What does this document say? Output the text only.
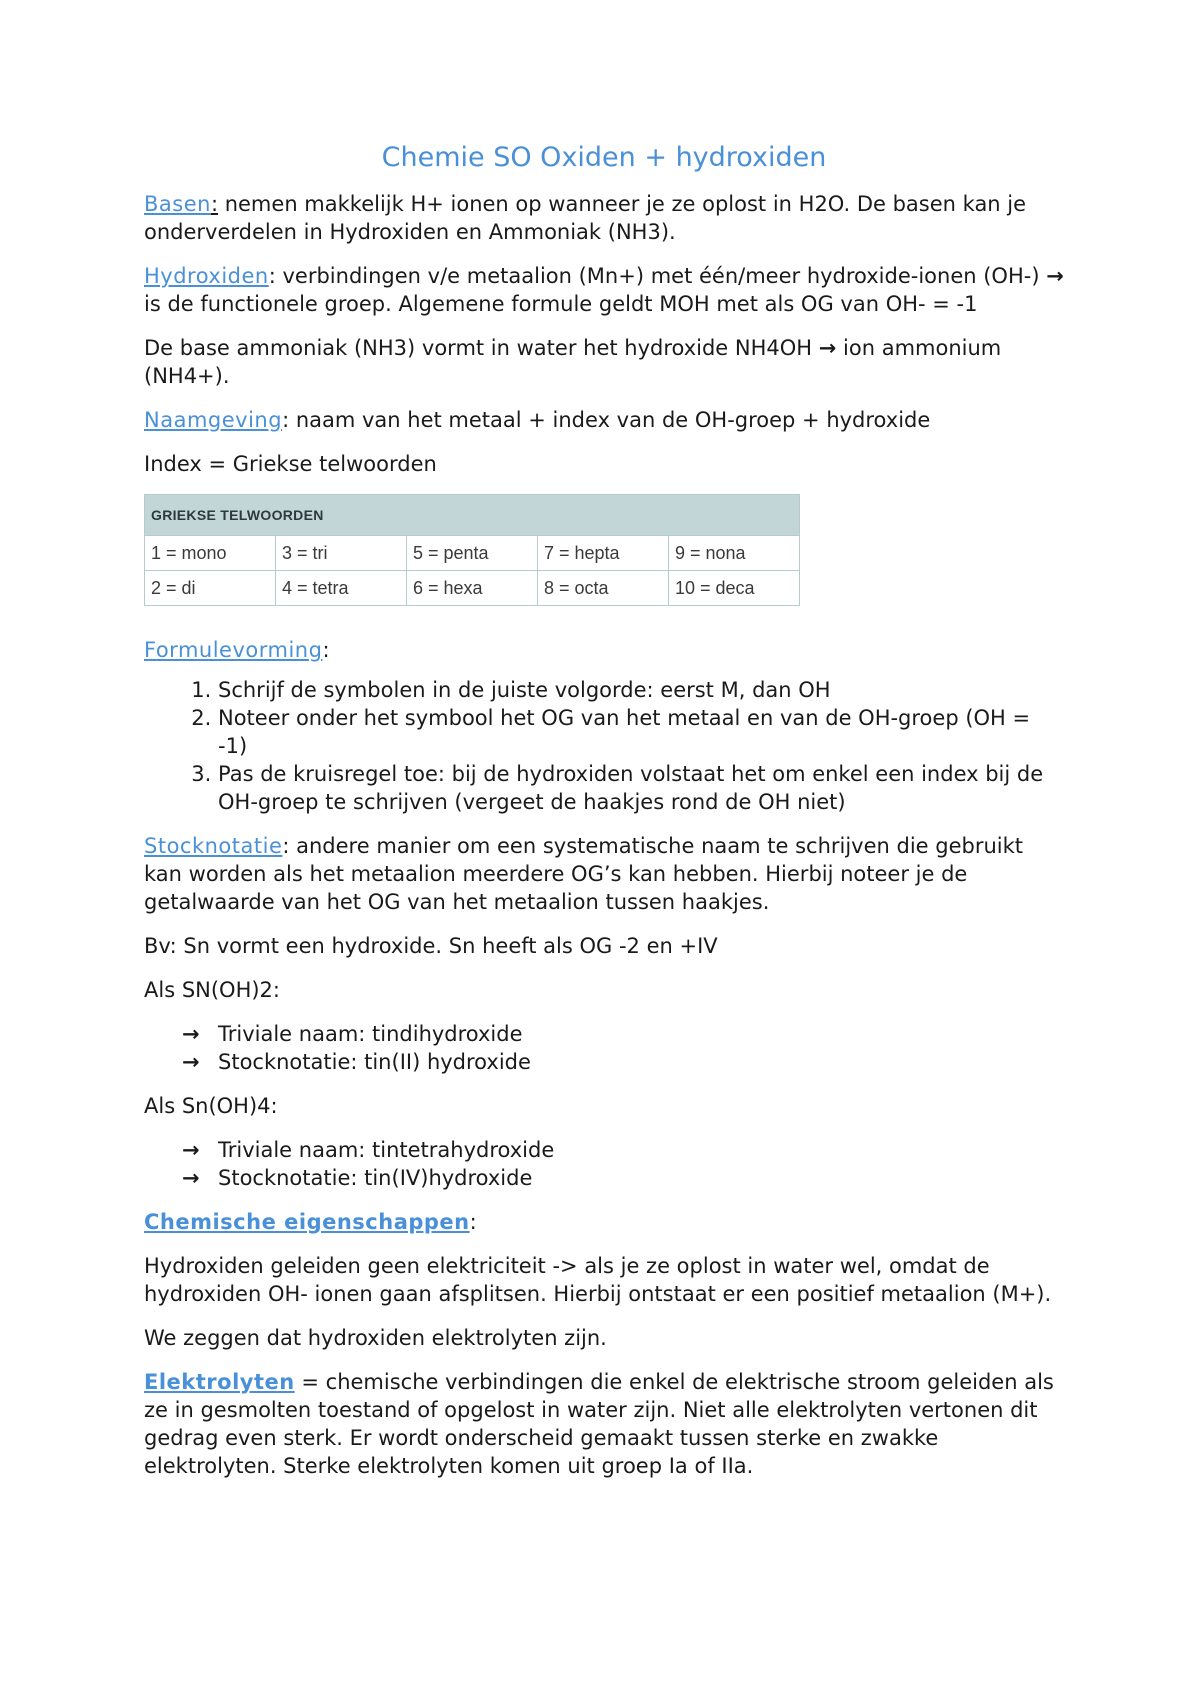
Chemie SO Oxiden + hydroxiden

Basen: nemen makkelijk H+ ionen op wanneer je ze oplost in H2O. De basen kan je onderverdelen in Hydroxiden en Ammoniak (NH3).

Hydroxiden: verbindingen v/e metaalion (Mn+) met één/meer hydroxide-ionen (OH-) → is de functionele groep. Algemene formule geldt MOH met als OG van OH- = -1

De base ammoniak (NH3) vormt in water het hydroxide NH4OH → ion ammonium (NH4+).

Naamgeving: naam van het metaal + index van de OH-groep + hydroxide

Index = Griekse telwoorden

GRIEKSE TELWOORDEN				
1 = mono	3 = tri	5 = penta	7 = hepta	9 = nona
2 = di	4 = tetra	6 = hexa	8 = octa	10 = deca

Formulevorming:

1. Schrijf de symbolen in de juiste volgorde: eerst M, dan OH
2. Noteer onder het symbool het OG van het metaal en van de OH-groep (OH = -1)
3. Pas de kruisregel toe: bij de hydroxiden volstaat het om enkel een index bij de OH-groep te schrijven (vergeet de haakjes rond de OH niet)

Stocknotatie: andere manier om een systematische naam te schrijven die gebruikt kan worden als het metaalion meerdere OG’s kan hebben. Hierbij noteer je de getalwaarde van het OG van het metaalion tussen haakjes.

Bv: Sn vormt een hydroxide. Sn heeft als OG -2 en +IV

Als SN(OH)2:

→ Triviale naam: tindihydroxide
→ Stocknotatie: tin(II) hydroxide

Als Sn(OH)4:

→ Triviale naam: tintetrahydroxide
→ Stocknotatie: tin(IV)hydroxide

Chemische eigenschappen:

Hydroxiden geleiden geen elektriciteit -> als je ze oplost in water wel, omdat de hydroxiden OH- ionen gaan afsplitsen. Hierbij ontstaat er een positief metaalion (M+).

We zeggen dat hydroxiden elektrolyten zijn.

Elektrolyten = chemische verbindingen die enkel de elektrische stroom geleiden als ze in gesmolten toestand of opgelost in water zijn. Niet alle elektrolyten vertonen dit gedrag even sterk. Er wordt onderscheid gemaakt tussen sterke en zwakke elektrolyten. Sterke elektrolyten komen uit groep Ia of IIa.
